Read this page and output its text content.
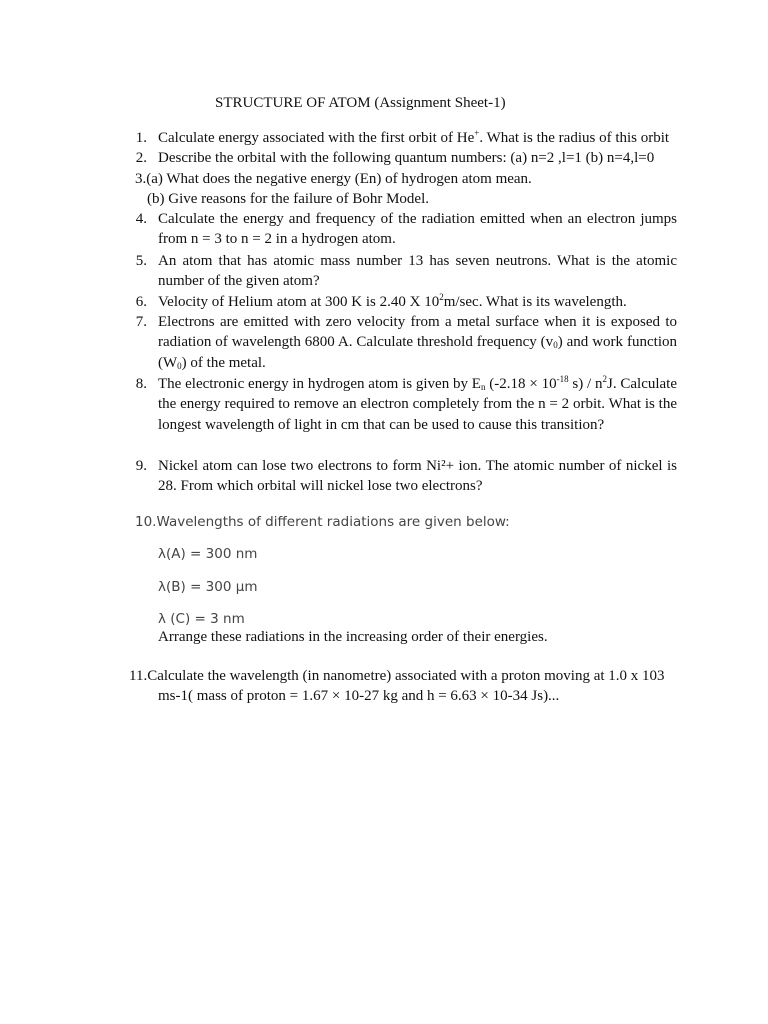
STRUCTURE OF ATOM (Assignment Sheet-1)
1. Calculate energy associated with the first orbit of He+. What is the radius of this orbit
2. Describe the orbital with the following quantum numbers: (a) n=2 ,l=1 (b) n=4,l=0
3.(a) What does the negative energy (En) of hydrogen atom mean.
(b) Give reasons for the failure of Bohr Model.
4. Calculate the energy and frequency of the radiation emitted when an electron jumps from n = 3 to n = 2 in a hydrogen atom.
5. An atom that has atomic mass number 13 has seven neutrons. What is the atomic number of the given atom?
6. Velocity of Helium atom at 300 K is 2.40 X $10^2m/\sec$. What is its wavelength.
7. Electrons are emitted with zero velocity from a metal surface when it is exposed to radiation of wavelength 6800 A. Calculate threshold frequency $(v_0)$ and work function $(W_0)$ of the metal.
8. The electronic energy in hydrogen atom is given by $E_n$ ($-2.18 \times 10^{-18}$ $s) / n^2J$. Calculate the energy required to remove an electron completely from the n = 2 orbit. What is the longest wavelength of light in cm that can be used to cause this transition?
9. Nickel atom can lose two electrons to form Ni²+ ion. The atomic number of nickel is 28. From which orbital will nickel lose two electrons?
10.Wavelengths of different radiations are given below:
λ(A) = 300 nm
λ(B) = 300 µm
λ (C) = 3 nm
Arrange these radiations in the increasing order of their energies.
11.Calculate the wavelength (in nanometre) associated with a proton moving at 1.0 x 103
ms-1( mass of proton = 1.67 × 10-27 kg and h = 6.63 × 10-34 Js)...
